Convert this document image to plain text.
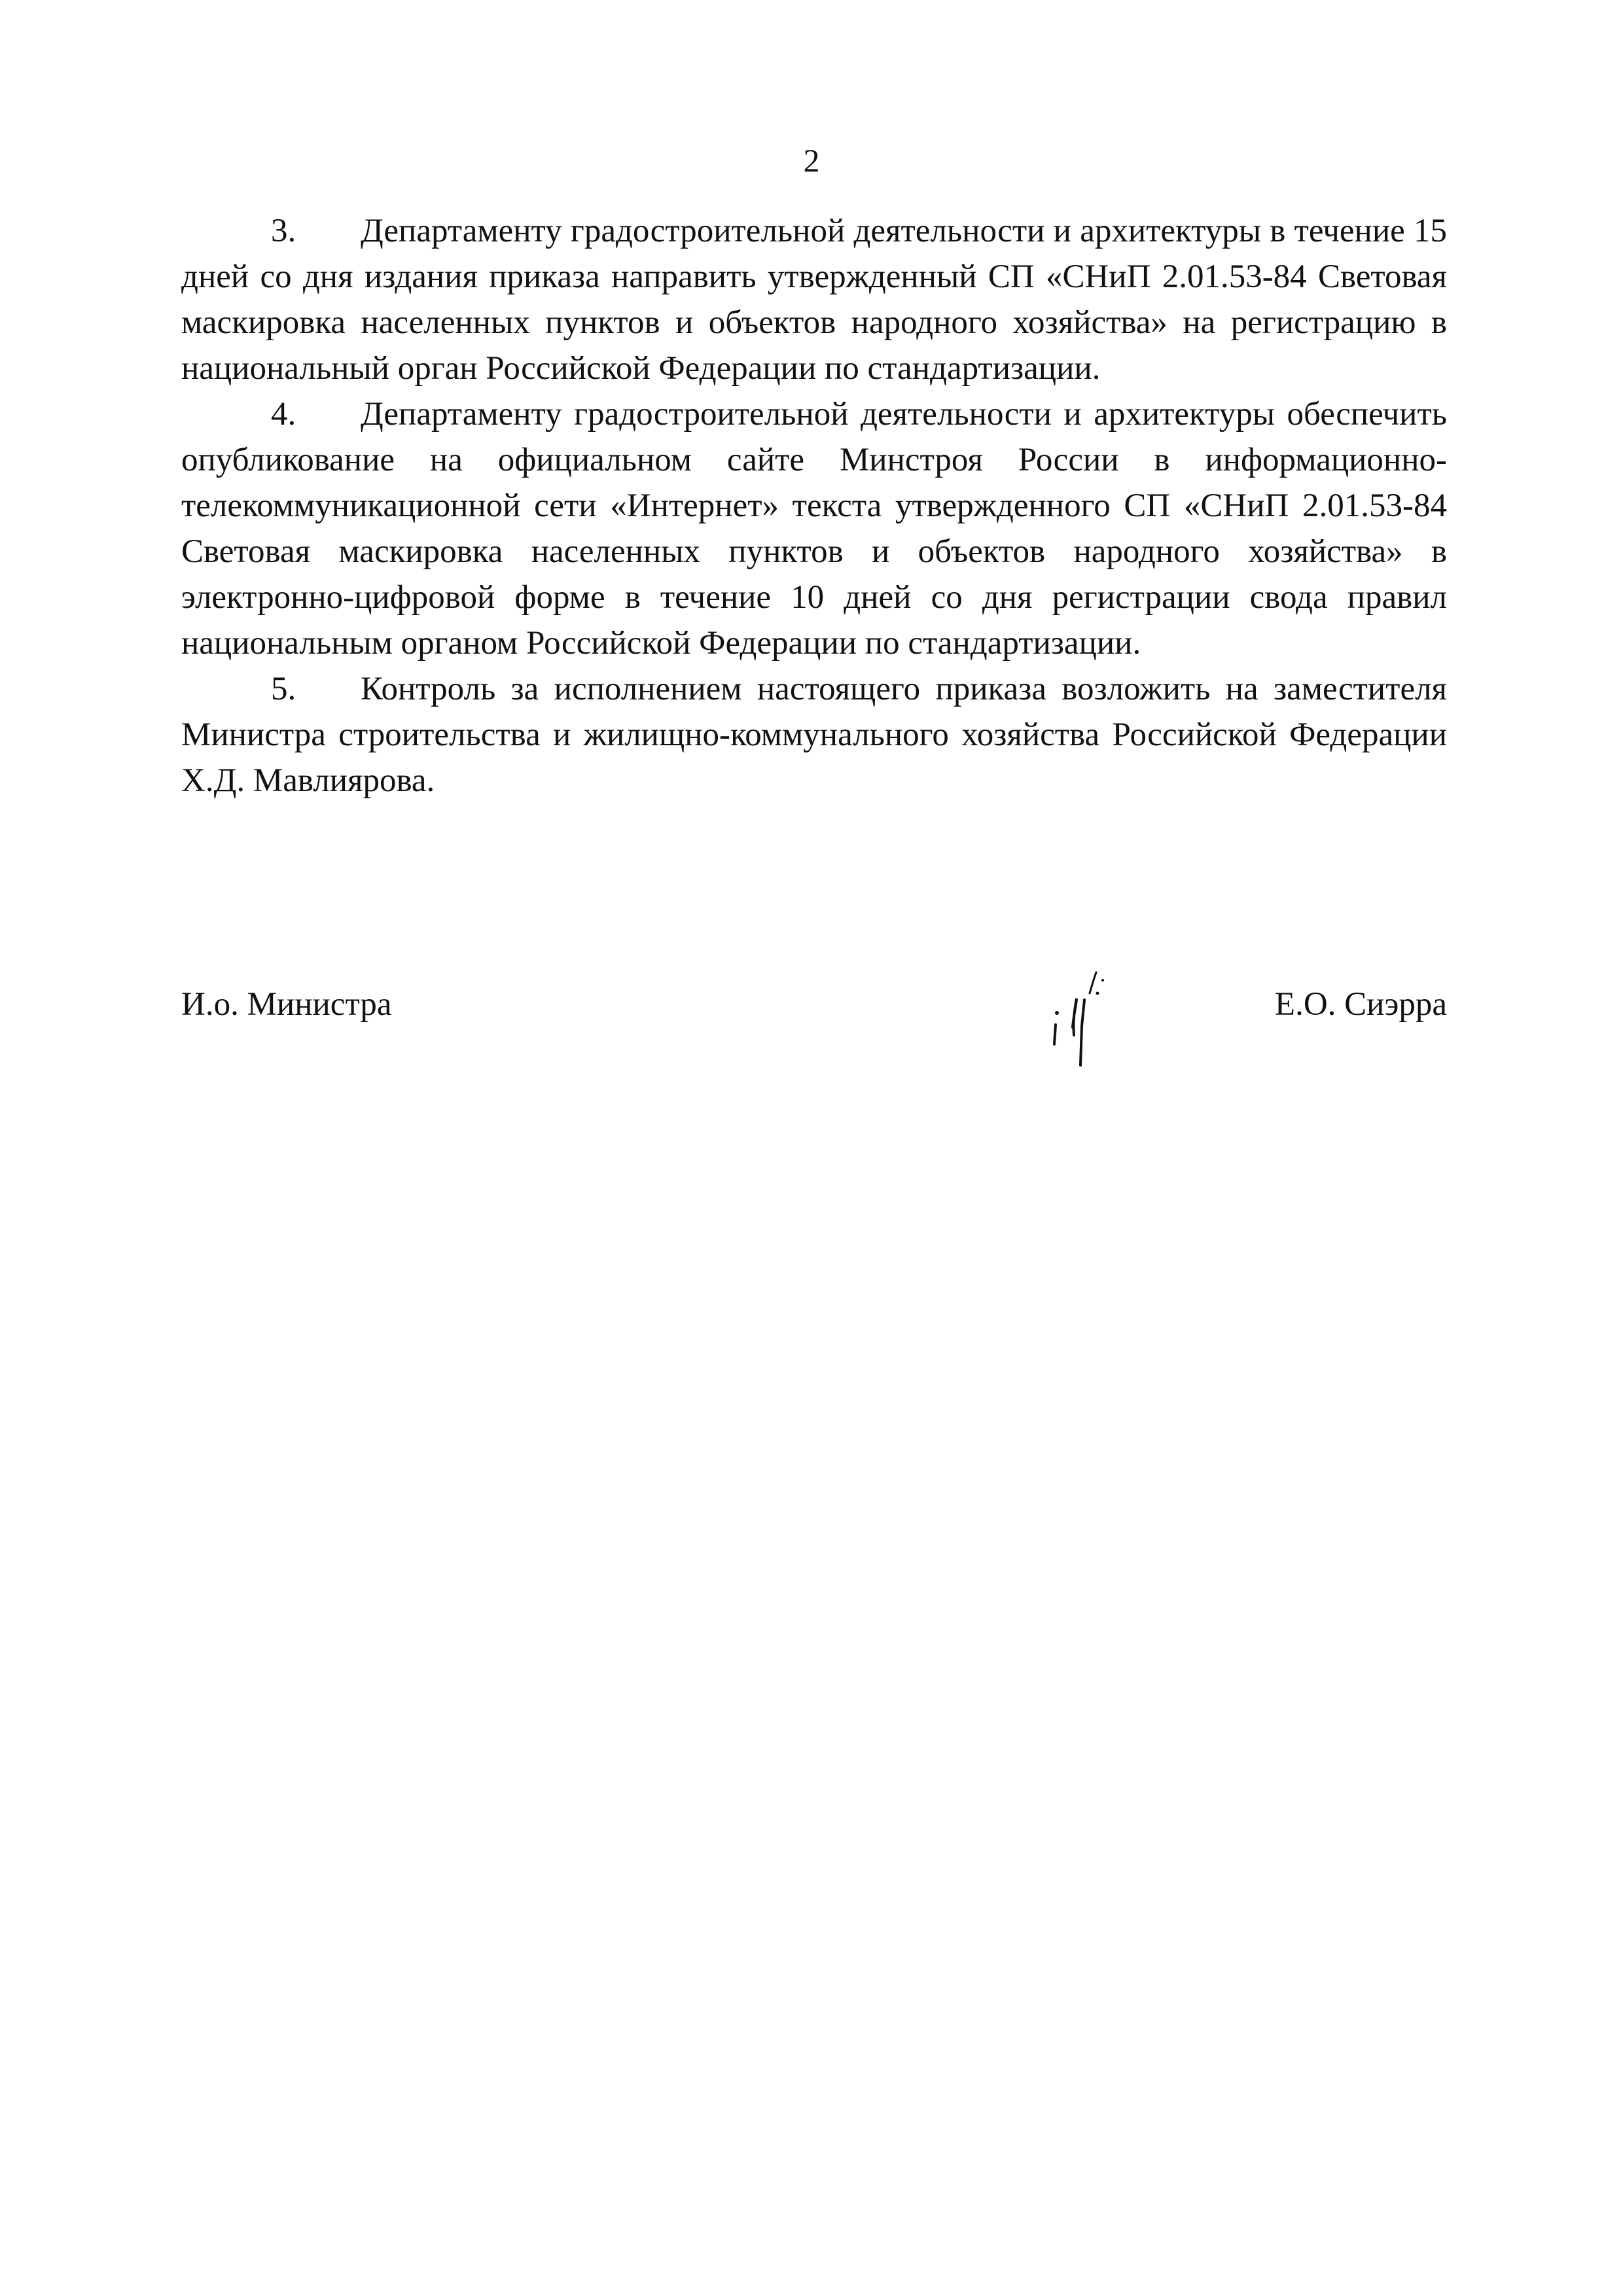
2

3. Департаменту градостроительной деятельности и архитектуры в течение 15 дней со дня издания приказа направить утвержденный СП «СНиП 2.01.53-84 Световая маскировка населенных пунктов и объектов народного хозяйства» на регистрацию в национальный орган Российской Федерации по стандартизации.

4. Департаменту градостроительной деятельности и архитектуры обеспечить опубликование на официальном сайте Минстроя России в информационно-телекоммуникационной сети «Интернет» текста утвержденного СП «СНиП 2.01.53-84 Световая маскировка населенных пунктов и объектов народного хозяйства» в электронно-цифровой форме в течение 10 дней со дня регистрации свода правил национальным органом Российской Федерации по стандартизации.

5. Контроль за исполнением настоящего приказа возложить на заместителя Министра строительства и жилищно-коммунального хозяйства Российской Федерации Х.Д. Мавлиярова.

И.о. Министра	Е.О. Сиэрра
